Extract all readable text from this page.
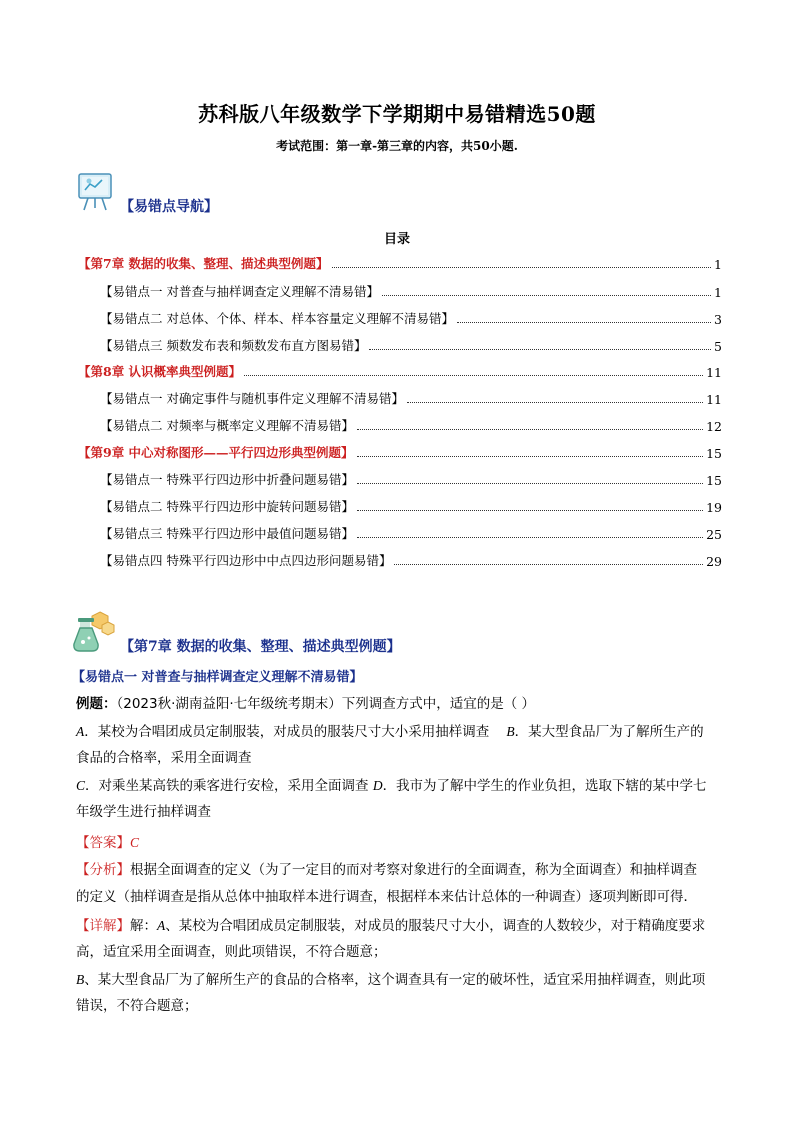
苏科版八年级数学下学期期中易错精选50题
考试范围：第一章-第三章的内容，共50小题.
【易错点导航】
目录
【第7章 数据的收集、整理、描述典型例题】	1
【易错点一 对普查与抽样调查定义理解不清易错】	1
【易错点二 对总体、个体、样本、样本容量定义理解不清易错】	3
【易错点三 频数发布表和频数发布直方图易错】	5
【第8章 认识概率典型例题】	11
【易错点一 对确定事件与随机事件定义理解不清易错】	11
【易错点二 对频率与概率定义理解不清易错】	12
【第9章 中心对称图形——平行四边形典型例题】	15
【易错点一 特殊平行四边形中折叠问题易错】	15
【易错点二 特殊平行四边形中旋转问题易错】	19
【易错点三 特殊平行四边形中最值问题易错】	25
【易错点四 特殊平行四边形中中点四边形问题易错】	29
【第7章 数据的收集、整理、描述典型例题】
【易错点一 对普查与抽样调查定义理解不清易错】
例题：（2023秋·湖南益阳·七年级统考期末）下列调查方式中，适宜的是（ ）
A．某校为合唱团成员定制服装，对成员的服装尺寸大小采用抽样调查 B．某大型食品厂为了解所生产的
食品的合格率，采用全面调查
C．对乘坐某高铁的乘客进行安检，采用全面调查 D．我市为了解中学生的作业负担，选取下辖的某中学七
年级学生进行抽样调查
【答案】C
【分析】根据全面调查的定义（为了一定目的而对考察对象进行的全面调查，称为全面调查）和抽样调查
的定义（抽样调查是指从总体中抽取样本进行调查，根据样本来估计总体的一种调查）逐项判断即可得．
【详解】解：A、某校为合唱团成员定制服装，对成员的服装尺寸大小，调查的人数较少，对于精确度要求
高，适宜采用全面调查，则此项错误，不符合题意；
B、某大型食品厂为了解所生产的食品的合格率，这个调查具有一定的破坏性，适宜采用抽样调查，则此项
错误，不符合题意；
